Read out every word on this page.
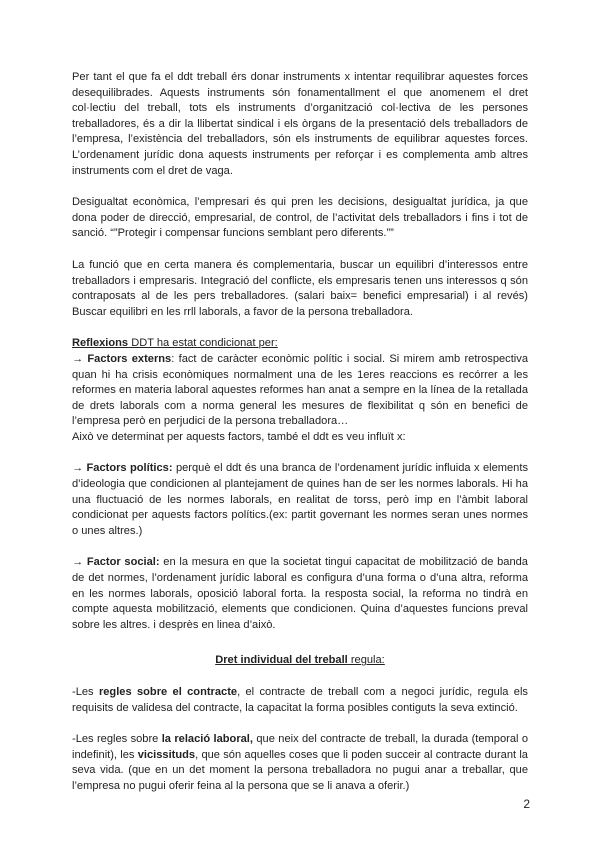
Per tant el que fa el ddt treball érs donar instruments x intentar requilibrar aquestes forces desequilibrades. Aquests instruments són fonamentallment el que anomenem el dret col·lectiu del treball, tots els instruments d’organització col·lectiva de les persones treballadores, és a dir la llibertat sindical i els òrgans de la presentació dels treballadors de l’empresa, l’existència del treballadors, són els instruments de equilibrar aquestes forces. L’ordenament jurídic dona aquests instruments per reforçar i es complementa amb altres instruments com el dret de vaga.

Desigualtat econòmica, l’empresari és qui pren les decisions, desigualtat jurídica, ja que dona poder de direcció, empresarial, de control, de l’activitat dels treballadors i fins i tot de sanció. “”Protegir i compensar funcions semblant pero diferents.””

La funció que en certa manera és complementaria, buscar un equilibri d’interessos entre treballadors i empresaris. Integració del conflicte, els empresaris tenen uns interessos q són contraposats al de les pers treballadores. (salari baix= benefici empresarial) i al revés) Buscar equilibri en les rrll laborals, a favor de la persona treballadora.

Reflexions DDT ha estat condicionat per:

→ Factors externs: fact de caràcter econòmic polític i social. Si mirem amb retrospectiva quan hi ha crisis econòmiques normalment una de les 1eres reaccions es recórrer a les reformes en materia laboral aquestes reformes han anat a sempre en la línea de la retallada de drets laborals com a norma general les mesures de flexibilitat q són en benefici de l’empresa però en perjudici de la persona treballadora…

Això ve determinat per aquests factors, també el ddt es veu influït x:

→ Factors polítics: perquè el ddt és una branca de l’ordenament jurídic influida x elements d’ideologia que condicionen al plantejament de quines han de ser les normes laborals. Hi ha una fluctuació de les normes laborals, en realitat de torss, però imp en l’àmbit laboral condicionat per aquests factors polítics.(ex: partit governant les normes seran unes normes o unes altres.)

→ Factor social: en la mesura en que la societat tingui capacitat de mobilització de banda de det normes, l’ordenament jurídic laboral es configura d’una forma o d’una altra, reforma en les normes laborals, oposició laboral forta. la resposta social, la reforma no tindrà en compte aquesta mobilització, elements que condicionen. Quina d’aquestes funcions preval sobre les altres. i desprès en linea d’això.

Dret individual del treball regula:

-Les regles sobre el contracte, el contracte de treball com a negoci jurídic, regula els requisits de validesa del contracte, la capacitat la forma posibles contiguts la seva extinció.

-Les regles sobre la relació laboral, que neix del contracte de treball, la durada (temporal o indefinit), les vicissituds, que són aquelles coses que li poden succeir al contracte durant la seva vida. (que en un det moment la persona treballadora no pugui anar a treballar, que l’empresa no pugui oferir feina al la persona que se li anava a oferir.)

2
